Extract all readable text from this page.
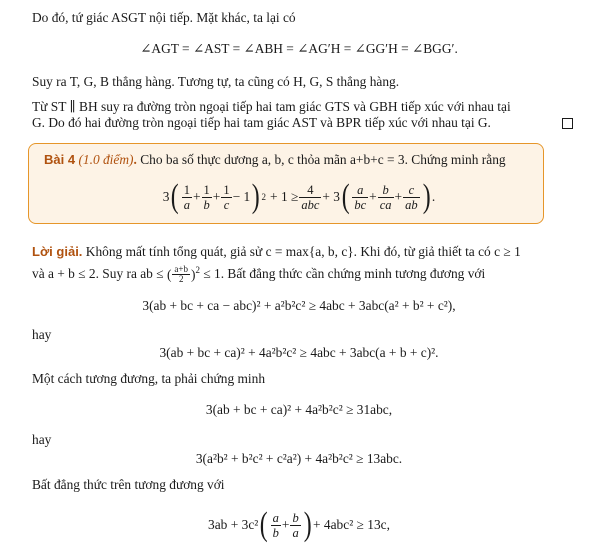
Do đó, tứ giác ASGT nội tiếp. Mặt khác, ta lại có
∠AGT = ∠AST = ∠ABH = ∠AG′H = ∠GG′H = ∠BGG′.
Suy ra T, G, B thẳng hàng. Tương tự, ta cũng có H, G, S thẳng hàng.
Từ ST ∥ BH suy ra đường tròn ngoại tiếp hai tam giác GTS và GBH tiếp xúc với nhau tại
G. Do đó hai đường tròn ngoại tiếp hai tam giác AST và BPR tiếp xúc với nhau tại G.
Bài 4 (1.0 điểm). Cho ba số thực dương a, b, c thỏa mãn a+b+c = 3. Chứng minh rằng
3 ( $\frac{1}{a} + \frac{1}{b} + \frac{1}{c} - 1$ ) $2 + 1 \ge \frac{4}{\text{abc}} + 3$ ( $\frac{a}{bc} + \frac{b}{ca} + \frac{c}{ab}$ ) .
Lời giải. Không mất tính tổng quát, giả sử c = max{a, b, c}. Khi đó, từ giả thiết ta có c ≥ 1
và a + b ≤ 2. Suy ra ab ≤ ( $\frac{a+b}{2} )^2 \le 1$. Bất đẳng thức cần chứng minh tương đương với
3(ab + bc + ca − abc)² + a²b²c² ≥ 4abc + 3abc(a² + b² + c²),
hay
3(ab + bc + ca)² + 4a²b²c² ≥ 4abc + 3abc(a + b + c)².
Một cách tương đương, ta phải chứng minh
3(ab + bc + ca)² + 4a²b²c² ≥ 31abc,
hay
3(a²b² + b²c² + c²a²) + 4a²b²c² ≥ 13abc.
Bất đẳng thức trên tương đương với
3ab + 3c² ( $\frac{a}{b} + \frac{b}{a}$ ) + 4abc² ≥ 13c,
